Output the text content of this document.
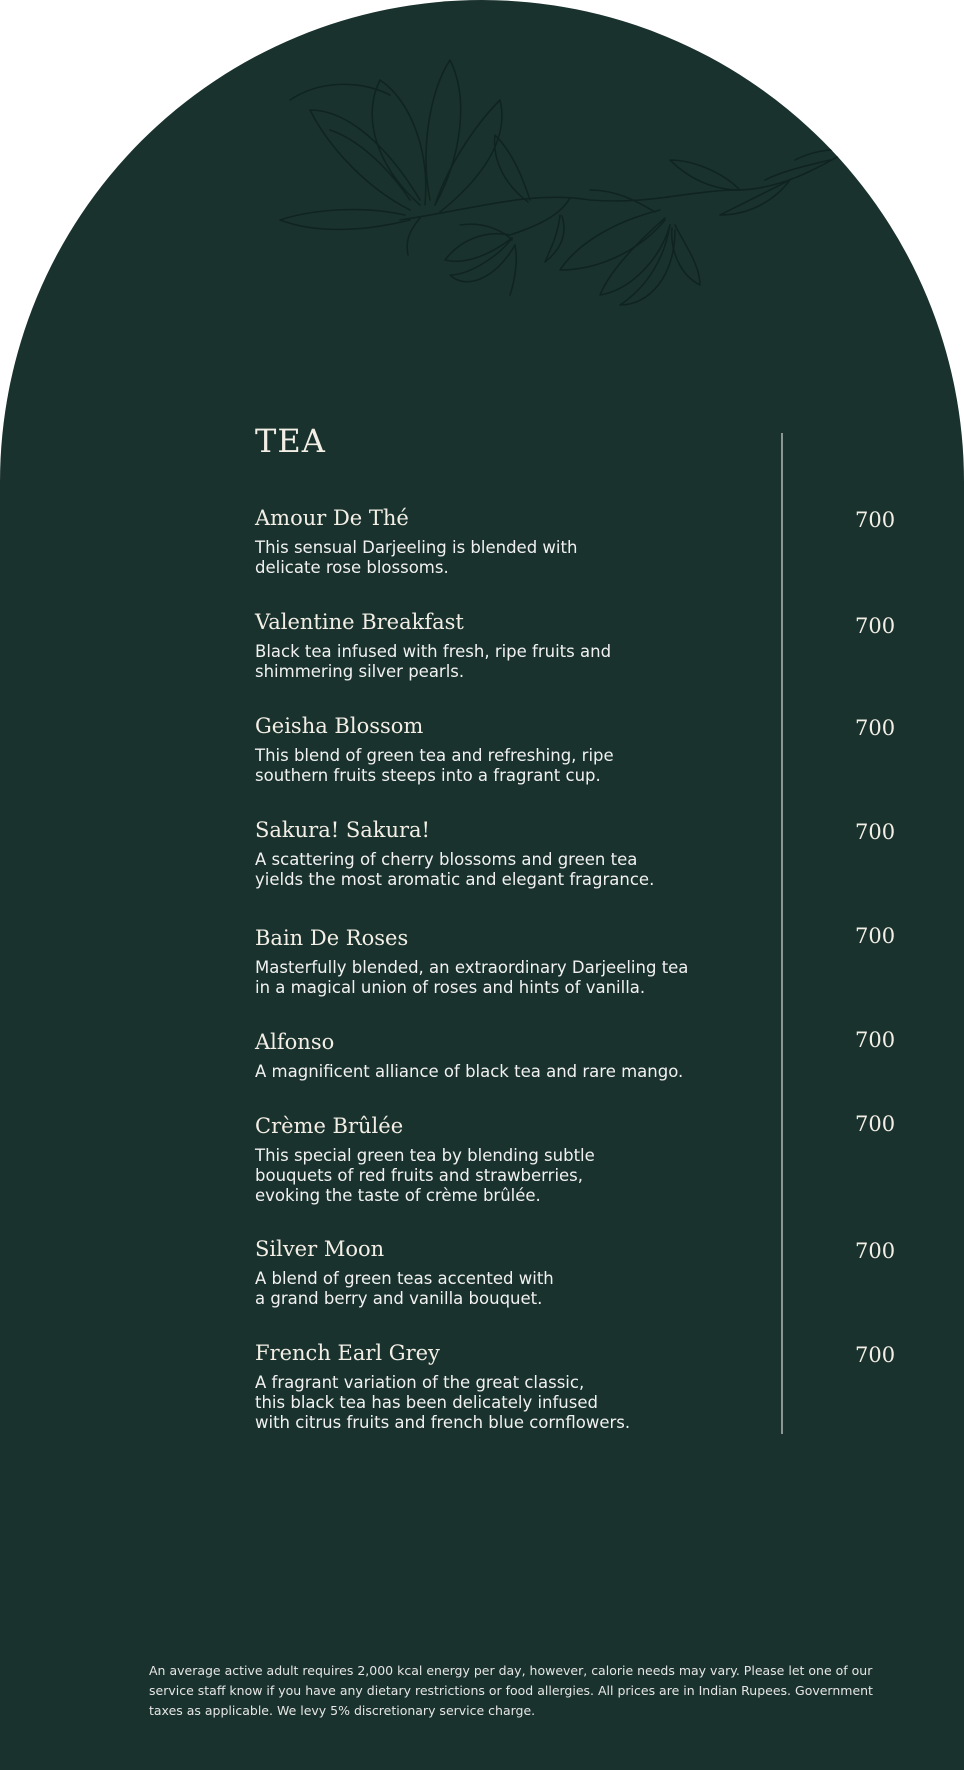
TEA

Amour De Thé

This sensual Darjeeling is blended with
delicate rose blossoms.

700

Valentine Breakfast

Black tea infused with fresh, ripe fruits and
shimmering silver pearls.

700

Geisha Blossom

This blend of green tea and refreshing, ripe
southern fruits steeps into a fragrant cup.

700

Sakura! Sakura!

A scattering of cherry blossoms and green tea
yields the most aromatic and elegant fragrance.

700

Bain De Roses

Masterfully blended, an extraordinary Darjeeling tea
in a magical union of roses and hints of vanilla.

700

Alfonso

A magnificent alliance of black tea and rare mango.

700

Crème Brûlée

This special green tea by blending subtle
bouquets of red fruits and strawberries,
evoking the taste of crème brûlée.

700

Silver Moon

A blend of green teas accented with
a grand berry and vanilla bouquet.

700

French Earl Grey

A fragrant variation of the great classic,
this black tea has been delicately infused
with citrus fruits and french blue cornflowers.

700
An average active adult requires 2,000 kcal energy per day, however, calorie needs may vary. Please let one of our
service staff know if you have any dietary restrictions or food allergies. All prices are in Indian Rupees. Government
taxes as applicable. We levy 5% discretionary service charge.
